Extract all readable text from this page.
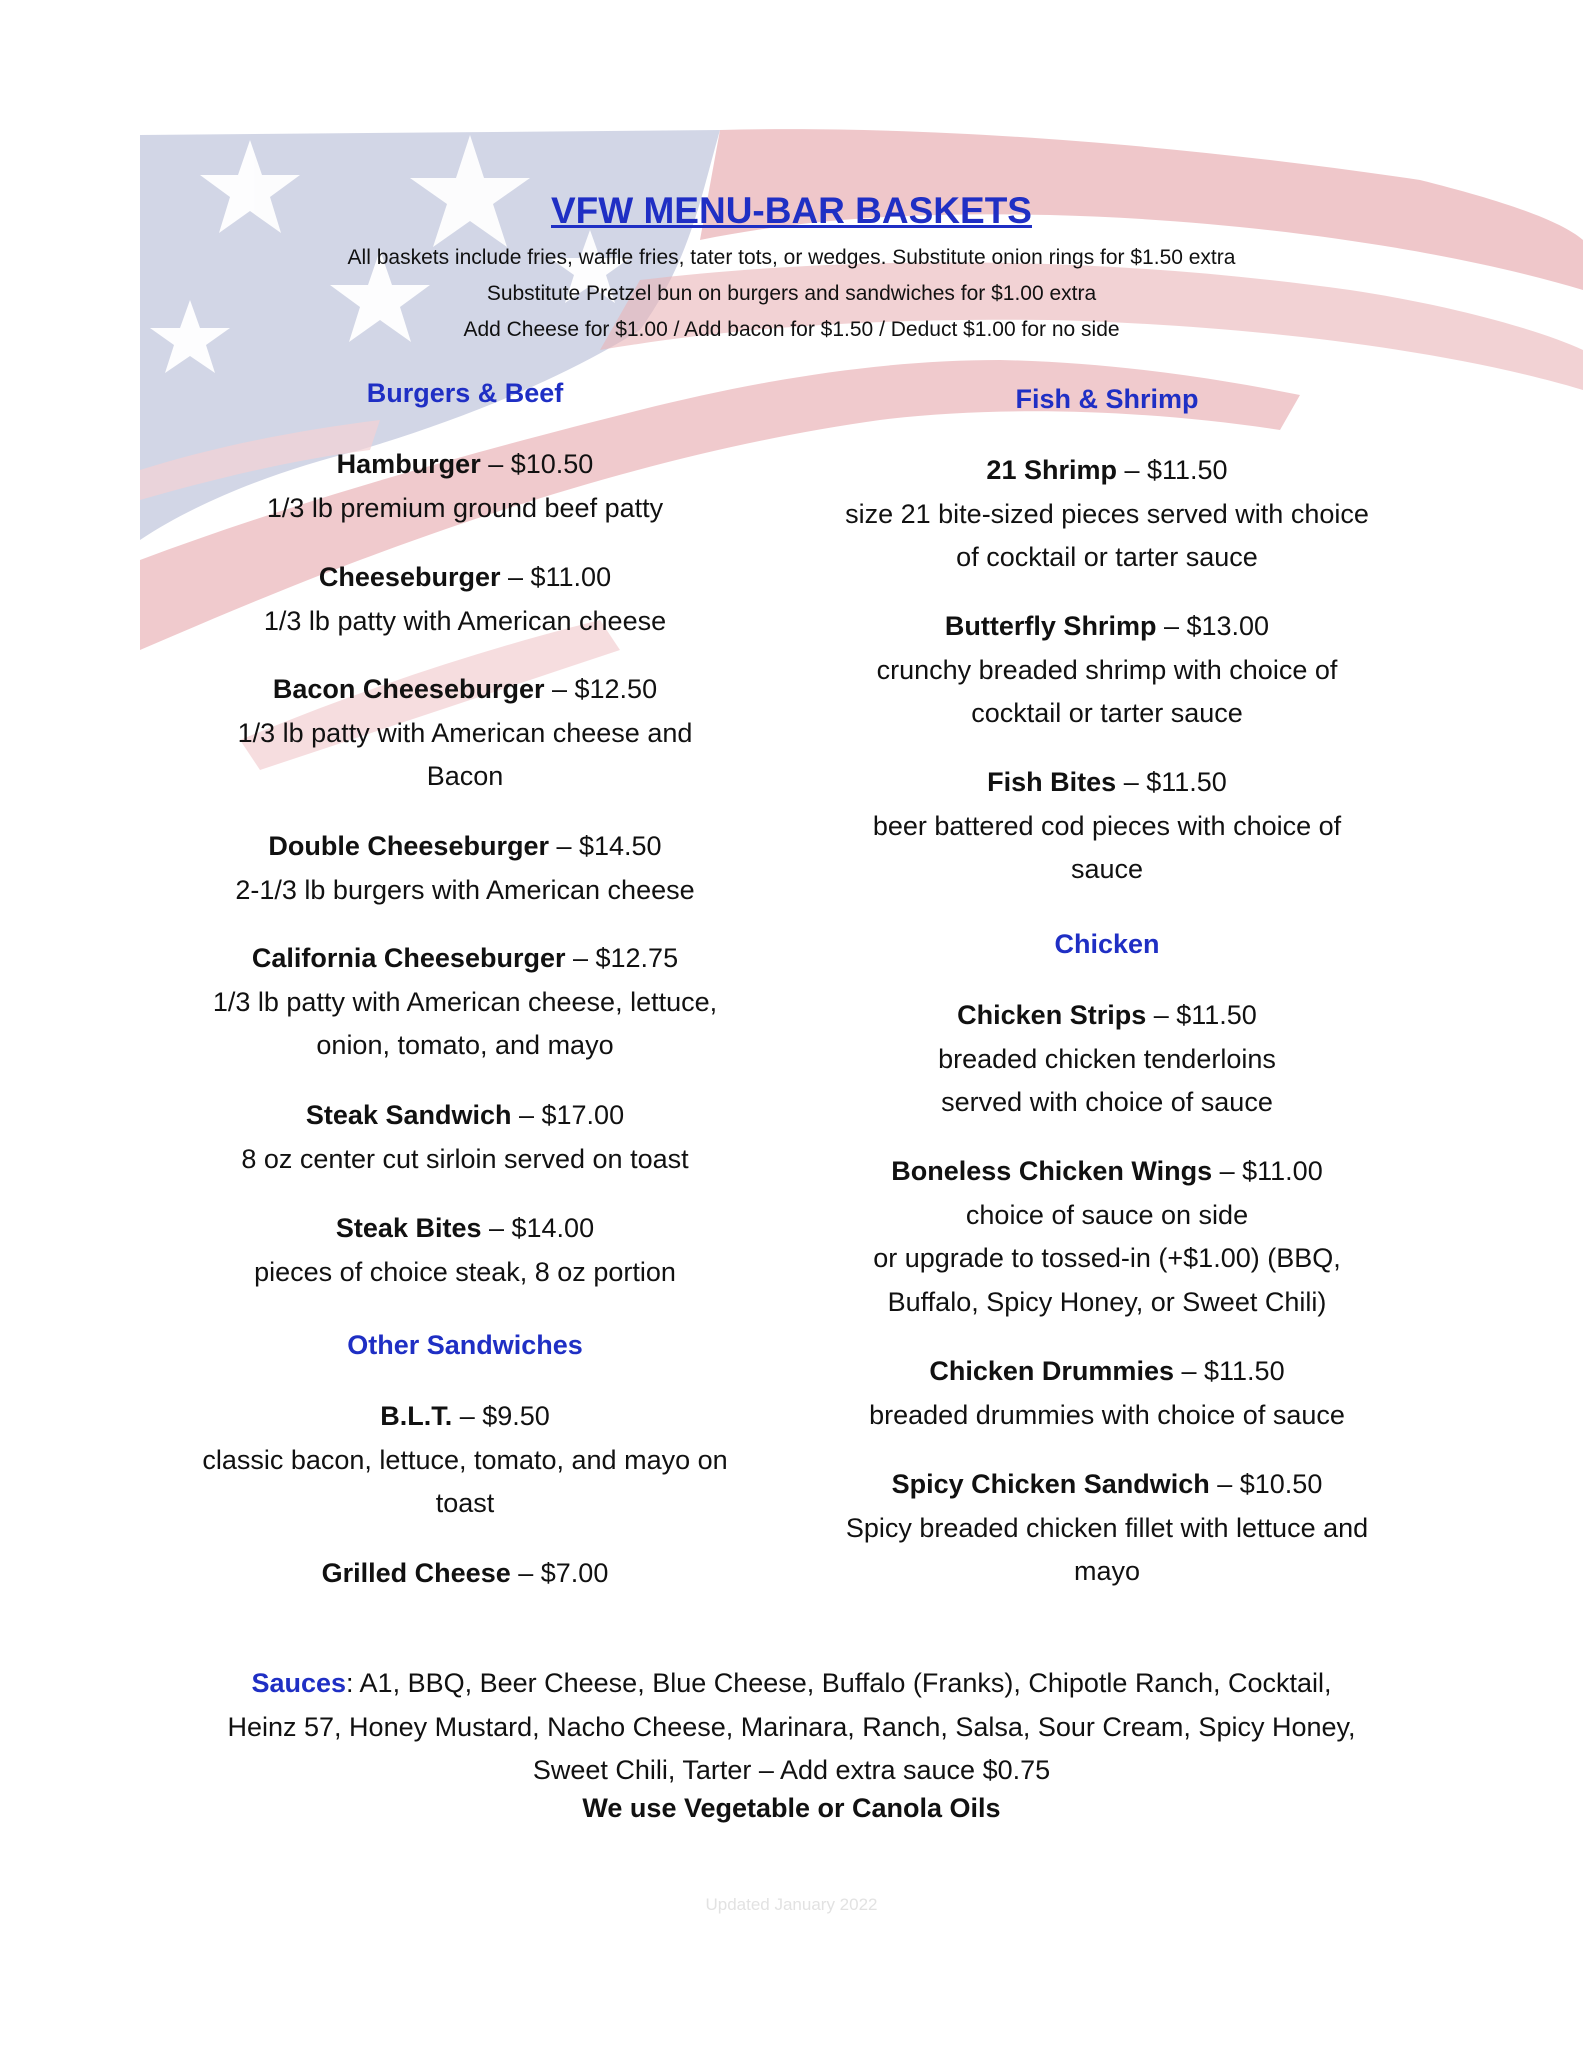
VFW MENU-BAR BASKETS
All baskets include fries, waffle fries, tater tots, or wedges. Substitute onion rings for $1.50 extra
Substitute Pretzel bun on burgers and sandwiches for $1.00 extra
Add Cheese for $1.00 / Add bacon for $1.50 / Deduct $1.00 for no side
Burgers & Beef
Hamburger – $10.50
1/3 lb premium ground beef patty
Cheeseburger – $11.00
1/3 lb patty with American cheese
Bacon Cheeseburger – $12.50
1/3 lb patty with American cheese and
Bacon
Double Cheeseburger – $14.50
2-1/3 lb burgers with American cheese
California Cheeseburger – $12.75
1/3 lb patty with American cheese, lettuce,
onion, tomato, and mayo
Steak Sandwich – $17.00
8 oz center cut sirloin served on toast
Steak Bites – $14.00
pieces of choice steak, 8 oz portion
Other Sandwiches
B.L.T. – $9.50
classic bacon, lettuce, tomato, and mayo on
toast
Grilled Cheese – $7.00
Fish & Shrimp
21 Shrimp – $11.50
size 21 bite-sized pieces served with choice
of cocktail or tarter sauce
Butterfly Shrimp – $13.00
crunchy breaded shrimp with choice of
cocktail or tarter sauce
Fish Bites – $11.50
beer battered cod pieces with choice of
sauce
Chicken
Chicken Strips – $11.50
breaded chicken tenderloins
served with choice of sauce
Boneless Chicken Wings – $11.00
choice of sauce on side
or upgrade to tossed-in (+$1.00) (BBQ,
Buffalo, Spicy Honey, or Sweet Chili)
Chicken Drummies – $11.50
breaded drummies with choice of sauce
Spicy Chicken Sandwich – $10.50
Spicy breaded chicken fillet with lettuce and
mayo
Sauces: A1, BBQ, Beer Cheese, Blue Cheese, Buffalo (Franks), Chipotle Ranch, Cocktail,
Heinz 57, Honey Mustard, Nacho Cheese, Marinara, Ranch, Salsa, Sour Cream, Spicy Honey,
Sweet Chili, Tarter – Add extra sauce $0.75
We use Vegetable or Canola Oils
Updated January 2022
